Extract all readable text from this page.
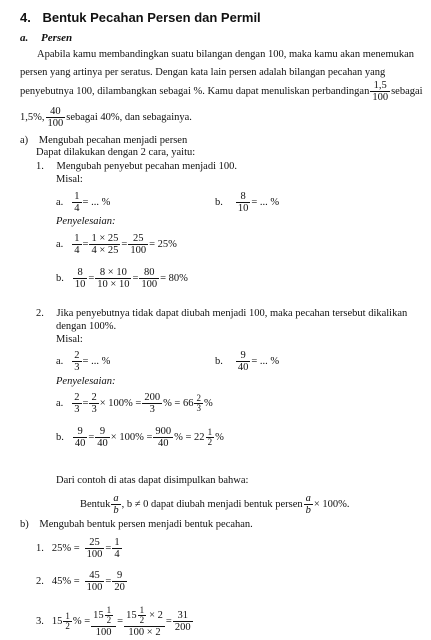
4. Bentuk Pecahan Persen dan Permil
a. Persen
Apabila kamu membandingkan suatu bilangan dengan 100, maka kamu akan menemukan
persen yang artinya per seratus. Dengan kata lain persen adalah bilangan pecahan yang
penyebutnya 100, dilambangkan sebagai %. Kamu dapat menuliskan perbandingan $\frac{1,5}{100}$ sebagai
1,5%, $\frac{40}{100}$ sebagai 40%, dan sebagainya.
a) Mengubah pecahan menjadi persen
Dapat dilakukan dengan 2 cara, yaitu:
1. Mengubah penyebut pecahan menjadi 100.
Misal:
a. $\frac{1}{4}$ = ... %	b. $\frac{8}{10}$ = ... %
Penyelesaian:
a. $\frac{1}{4} = \frac{1 \times 25}{4 \times 25} = \frac{25}{100} = 25\%$
b. $\frac{8}{10} = \frac{8 \times 10}{10 \times 10} = \frac{80}{100} = 80\%$
2. Jika penyebutnya tidak dapat diubah menjadi 100, maka pecahan tersebut dikalikan
dengan 100%.
Misal:
a. $\frac{2}{3}$ = ... %	b. $\frac{9}{40}$ = ... %
Penyelesaian:
a. $\frac{2}{3} = \frac{2}{3} \times 100\% = \frac{200}{3}$ % = $66 \frac{2}{3}$ %
b. $\frac{9}{40} = \frac{9}{40} \times 100\% = \frac{900}{40}$ % = $22 \frac{1}{2}$ %
Dari contoh di atas dapat disimpulkan bahwa:
Bentuk $\frac{a}{b}$ , b ≠ 0 dapat diubah menjadi bentuk persen $\frac{a}{b} \times 100\%$.
b) Mengubah bentuk persen menjadi bentuk pecahan.
1. $25\% = \frac{25}{100} = \frac{1}{4}$
2. $45\% = \frac{45}{100} = \frac{9}{20}$
3. $15 \frac{1}{2}$ % = $\frac{15 \frac{1}{2}}{100} = \frac{15 \frac{1}{2} \times 2}{100 \times 2} = \frac{31}{200}$
